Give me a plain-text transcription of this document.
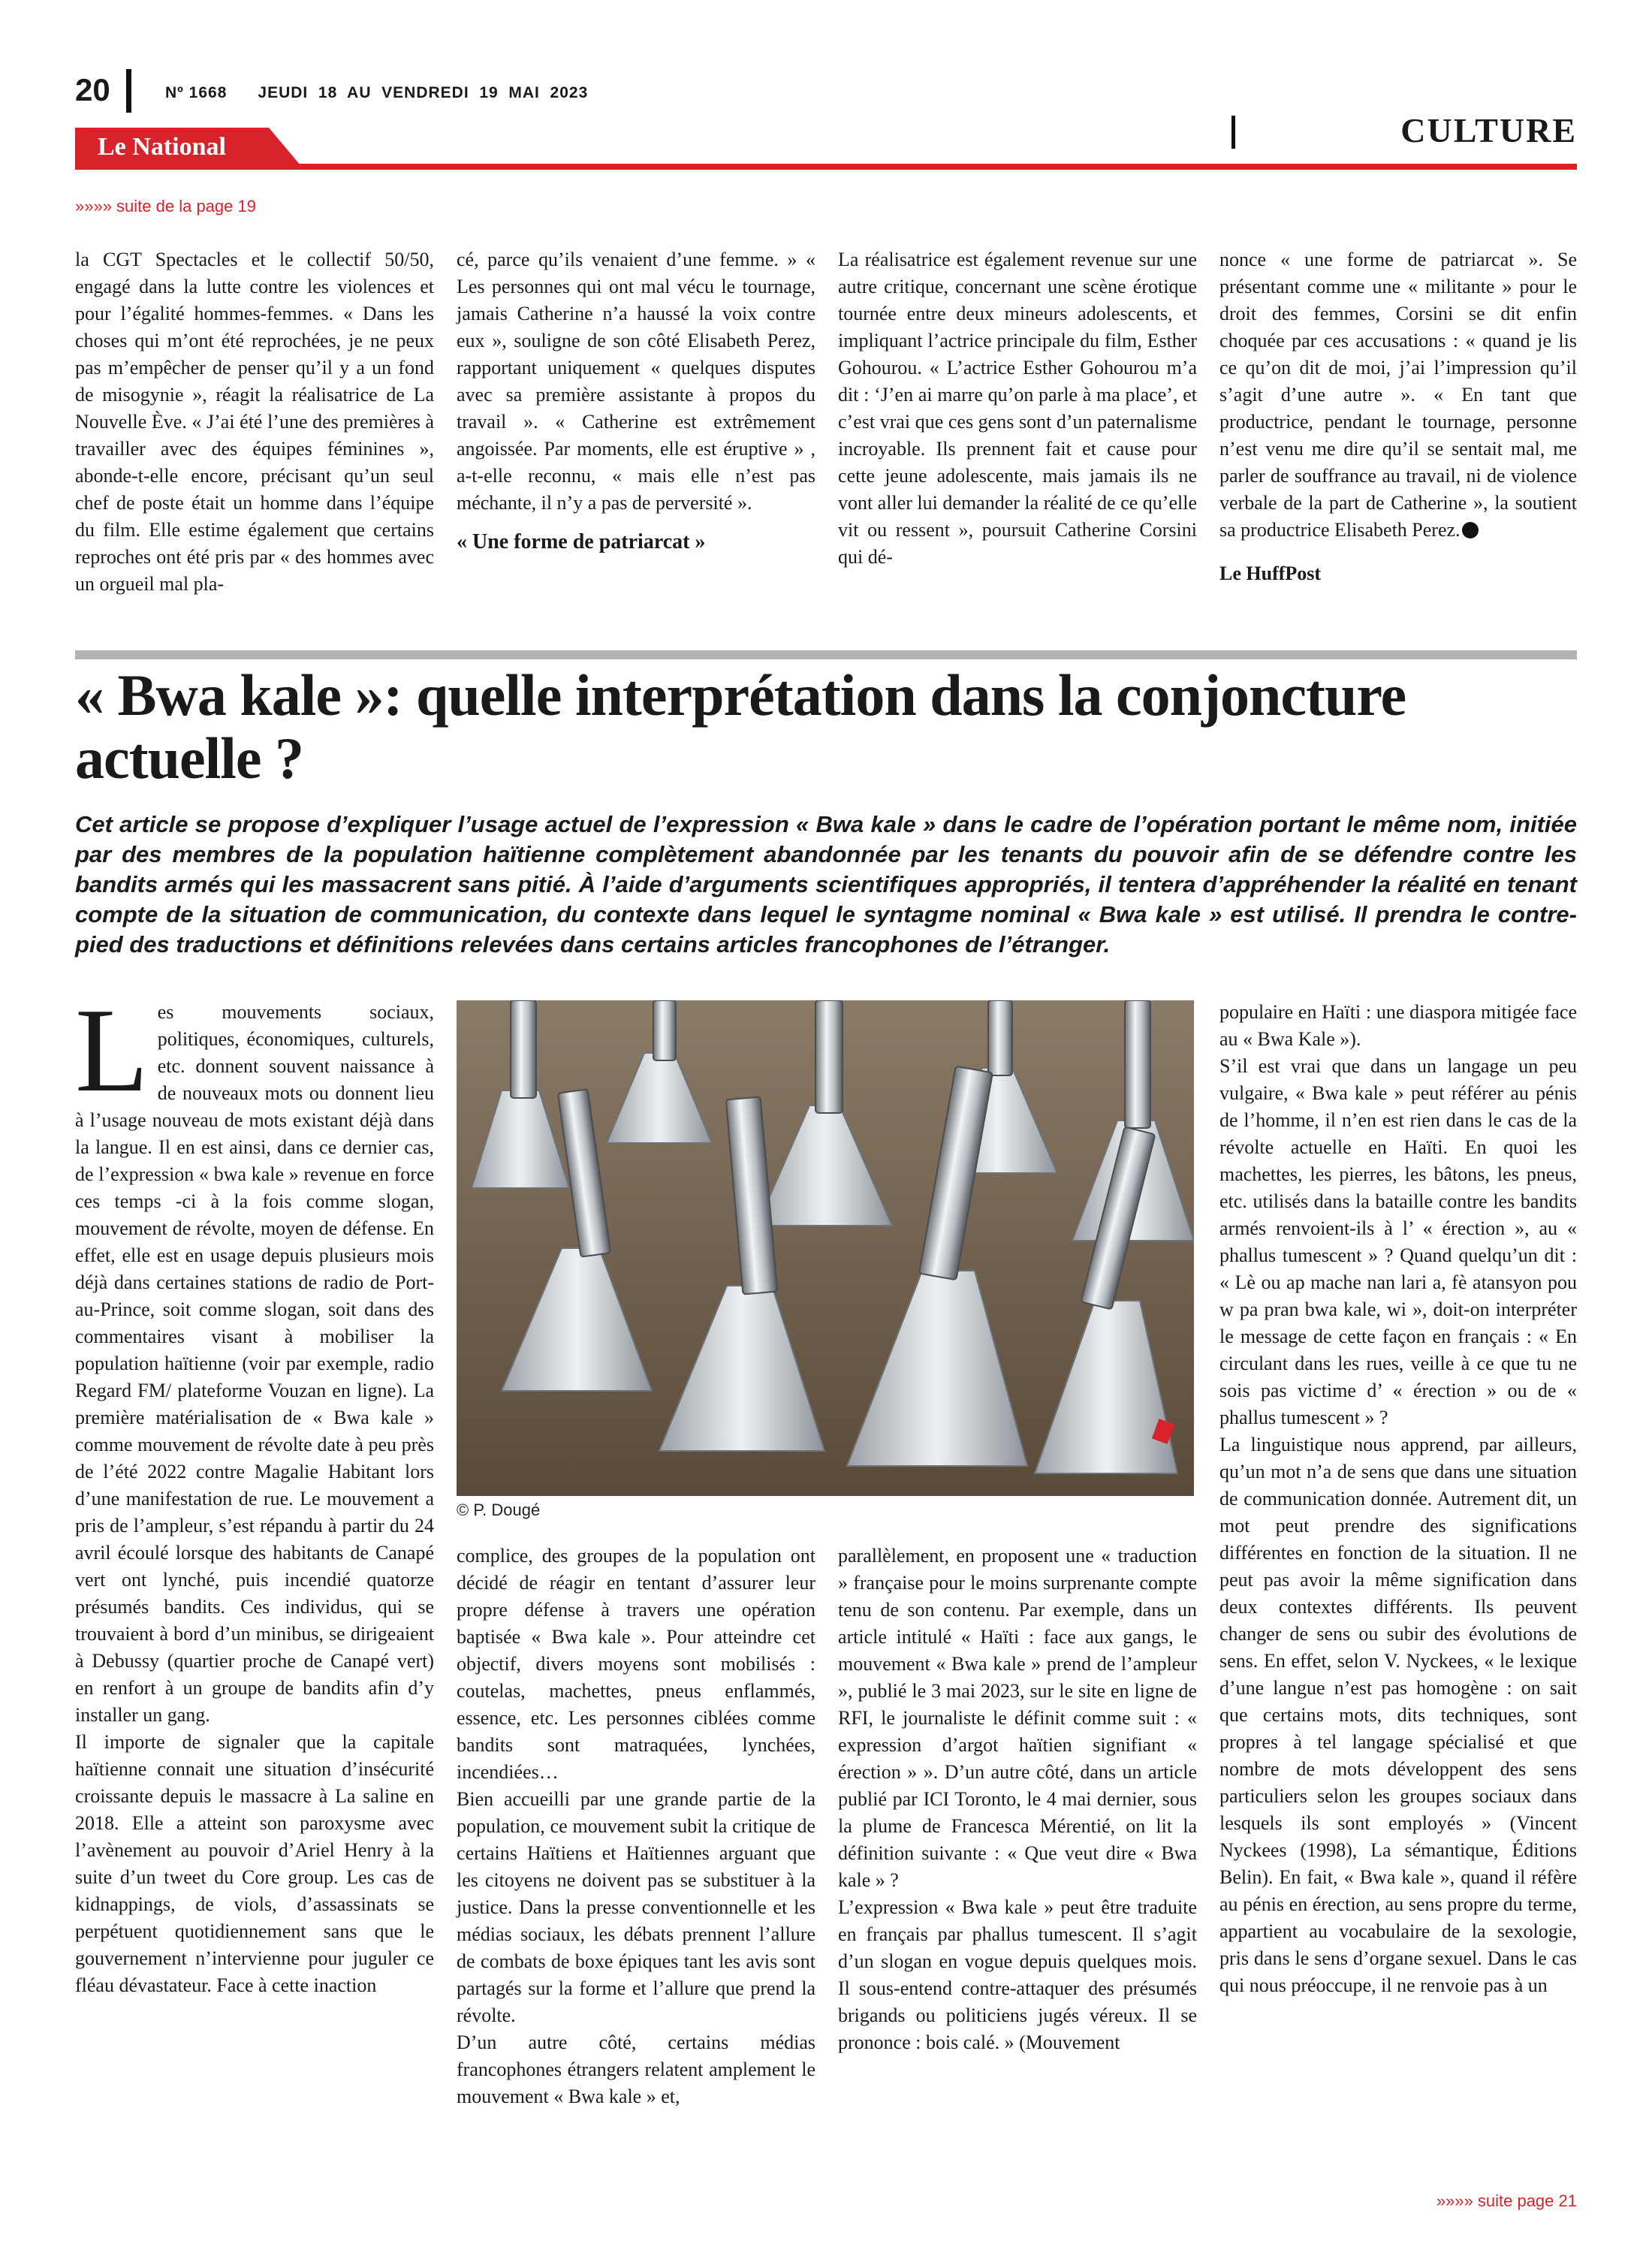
20	Nº 1668      JEUDI  18  AU  VENDREDI  19  MAI  2023
Le National	CULTURE
»»»» suite de la page 19

la CGT Spectacles et le collectif 50/50, engagé dans la lutte contre les violences et pour l’égalité hommes-femmes. « Dans les choses qui m’ont été reprochées, je ne peux pas m’empêcher de penser qu’il y a un fond de misogynie », réagit la réalisatrice de La Nouvelle Ève. « J’ai été l’une des premières à travailler avec des équipes féminines », abonde-t-elle encore, précisant qu’un seul chef de poste était un homme dans l’équipe du film. Elle estime également que certains reproches ont été pris par « des hommes avec un orgueil mal pla-

cé, parce qu’ils venaient d’une femme. » « Les personnes qui ont mal vécu le tournage, jamais Catherine n’a haussé la voix contre eux », souligne de son côté Elisabeth Perez, rapportant uniquement « quelques disputes avec sa première assistante à propos du travail ». « Catherine est extrêmement angoissée. Par moments, elle est éruptive » , a-t-elle reconnu, « mais elle n’est pas méchante, il n’y a pas de perversité ».

« Une forme de patriarcat »

La réalisatrice est également revenue sur une autre critique, concernant une scène érotique tournée entre deux mineurs adolescents, et impliquant l’actrice principale du film, Esther Gohourou. « L’actrice Esther Gohourou m’a dit : ‘J’en ai marre qu’on parle à ma place’, et c’est vrai que ces gens sont d’un paternalisme incroyable. Ils prennent fait et cause pour cette jeune adolescente, mais jamais ils ne vont aller lui demander la réalité de ce qu’elle vit ou ressent », poursuit Catherine Corsini qui dé-

nonce « une forme de patriarcat ». Se présentant comme une « militante » pour le droit des femmes, Corsini se dit enfin choquée par ces accusations : « quand je lis ce qu’on dit de moi, j’ai l’impression qu’il s’agit d’une autre ». « En tant que productrice, pendant le tournage, personne n’est venu me dire qu’il se sentait mal, me parler de souffrance au travail, ni de violence verbale de la part de Catherine », la soutient sa productrice Elisabeth Perez.

Le HuffPost

« Bwa kale »: quelle interprétation dans la conjoncture actuelle ?
Cet article se propose d’expliquer l’usage actuel de l’expression « Bwa kale » dans le cadre de l’opération portant le même nom, initiée par des membres de la population haïtienne complètement abandonnée par les tenants du pouvoir afin de se défendre contre les bandits armés qui les massacrent sans pitié. À l’aide d’arguments scientifiques appropriés, il tentera d’appréhender la réalité en tenant compte de la situation de communication, du contexte dans lequel le syntagme nominal « Bwa kale » est utilisé. Il prendra le contre-pied des traductions et définitions relevées dans certains articles francophones de l’étranger.

Les mouvements sociaux, politiques, économiques, culturels, etc. donnent souvent naissance à de nouveaux mots ou donnent lieu à l’usage nouveau de mots existant déjà dans la langue. Il en est ainsi, dans ce dernier cas, de l’expression « bwa kale » revenue en force ces temps -ci à la fois comme slogan, mouvement de révolte, moyen de défense. En effet, elle est en usage depuis plusieurs mois déjà dans certaines stations de radio de Port-au-Prince, soit comme slogan, soit dans des commentaires visant à mobiliser la population haïtienne (voir par exemple, radio Regard FM/ plateforme Vouzan en ligne). La première matérialisation de « Bwa kale » comme mouvement de révolte date à peu près de l’été 2022 contre Magalie Habitant lors d’une manifestation de rue. Le mouvement a pris de l’ampleur, s’est répandu à partir du 24 avril écoulé lorsque des habitants de Canapé vert ont lynché, puis incendié quatorze présumés bandits. Ces individus, qui se trouvaient à bord d’un minibus, se dirigeaient à Debussy (quartier proche de Canapé vert) en renfort à un groupe de bandits afin d’y installer un gang.

Il importe de signaler que la capitale haïtienne connait une situation d’insécurité croissante depuis le massacre à La saline en 2018. Elle a atteint son paroxysme avec l’avènement au pouvoir d’Ariel Henry à la suite d’un tweet du Core group. Les cas de kidnappings, de viols, d’assassinats se perpétuent quotidiennement sans que le gouvernement n’intervienne pour juguler ce fléau dévastateur. Face à cette inaction

© P. Dougé

complice, des groupes de la population ont décidé de réagir en tentant d’assurer leur propre défense à travers une opération baptisée « Bwa kale ». Pour atteindre cet objectif, divers moyens sont mobilisés : coutelas, machettes, pneus enflammés, essence, etc. Les personnes ciblées comme bandits sont matraquées, lynchées, incendiées…

Bien accueilli par une grande partie de la population, ce mouvement subit la critique de certains Haïtiens et Haïtiennes arguant que les citoyens ne doivent pas se substituer à la justice. Dans la presse conventionnelle et les médias sociaux, les débats prennent l’allure de combats de boxe épiques tant les avis sont partagés sur la forme et l’allure que prend la révolte.

D’un autre côté, certains médias francophones étrangers relatent amplement le mouvement « Bwa kale » et,

parallèlement, en proposent une « traduction » française pour le moins surprenante compte tenu de son contenu. Par exemple, dans un article intitulé « Haïti : face aux gangs, le mouvement « Bwa kale » prend de l’ampleur », publié le 3 mai 2023, sur le site en ligne de RFI, le journaliste le définit comme suit : « expression d’argot haïtien signifiant « érection » ». D’un autre côté, dans un article publié par ICI Toronto, le 4 mai dernier, sous la plume de Francesca Mérentié, on lit la définition suivante : « Que veut dire « Bwa kale » ?

L’expression « Bwa kale » peut être traduite en français par phallus tumescent. Il s’agit d’un slogan en vogue depuis quelques mois. Il sous-entend contre-attaquer des présumés brigands ou politiciens jugés véreux. Il se prononce : bois calé. » (Mouvement

populaire en Haïti : une diaspora mitigée face au « Bwa Kale »).

S’il est vrai que dans un langage un peu vulgaire, « Bwa kale » peut référer au pénis de l’homme, il n’en est rien dans le cas de la révolte actuelle en Haïti. En quoi les machettes, les pierres, les bâtons, les pneus, etc. utilisés dans la bataille contre les bandits armés renvoient-ils à l’ « érection », au « phallus tumescent » ? Quand quelqu’un dit : « Lè ou ap mache nan lari a, fè atansyon pou w pa pran bwa kale, wi », doit-on interpréter le message de cette façon en français : « En circulant dans les rues, veille à ce que tu ne sois pas victime d’ « érection » ou de « phallus tumescent » ?

La linguistique nous apprend, par ailleurs, qu’un mot n’a de sens que dans une situation de communication donnée. Autrement dit, un mot peut prendre des significations différentes en fonction de la situation. Il ne peut pas avoir la même signification dans deux contextes différents. Ils peuvent changer de sens ou subir des évolutions de sens. En effet, selon V. Nyckees, « le lexique d’une langue n’est pas homogène : on sait que certains mots, dits techniques, sont propres à tel langage spécialisé et que nombre de mots développent des sens particuliers selon les groupes sociaux dans lesquels ils sont employés » (Vincent Nyckees (1998), La sémantique, Éditions Belin). En fait, « Bwa kale », quand il réfère au pénis en érection, au sens propre du terme, appartient au vocabulaire de la sexologie, pris dans le sens d’organe sexuel. Dans le cas qui nous préoccupe, il ne renvoie pas à un

»»»» suite page 21
